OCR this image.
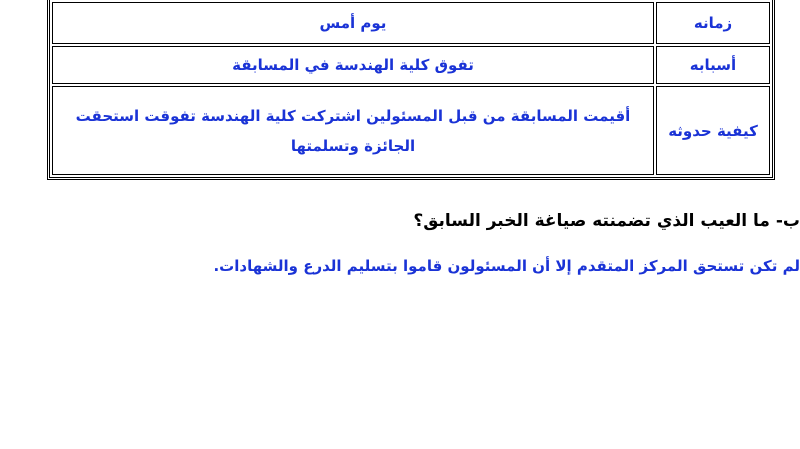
زمانه	يوم أمس
أسبابه	تفوق كلية الهندسة في المسابقة
كيفية حدوثه	أقيمت المسابقة من قبل المسئولين اشتركت كلية الهندسة تفوقت استحقت الجائزة وتسلمتها
ب- ما العيب الذي تضمنته صياغة الخبر السابق؟
لم تكن تستحق المركز المتقدم إلا أن المسئولون قاموا بتسليم الدرع والشهادات.
